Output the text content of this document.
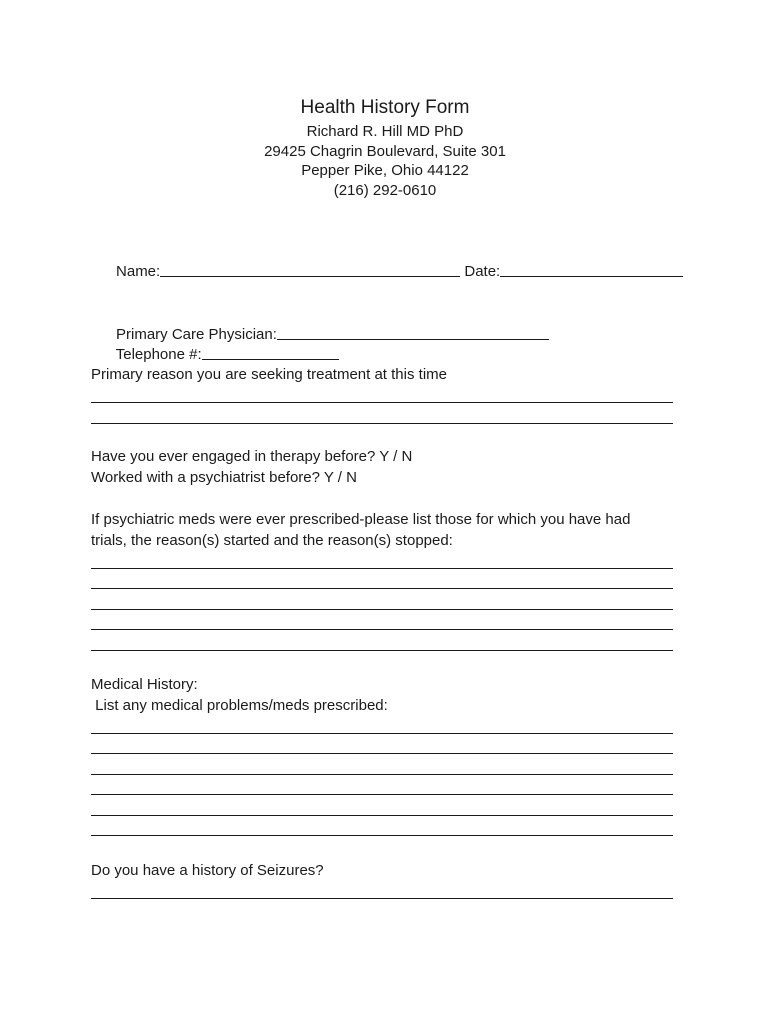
Health History Form
Richard R. Hill MD PhD
29425 Chagrin Boulevard, Suite 301
Pepper Pike, Ohio 44122
(216) 292-0610

Name:	Date:

Primary Care Physician:

Telephone #:

Primary reason you are seeking treatment at this time
Have you ever engaged in therapy before? Y / N
Worked with a psychiatrist before? Y / N
If psychiatric meds were ever prescribed-please list those for which you have had
trials, the reason(s) started and the reason(s) stopped:
Medical History:
List any medical problems/meds prescribed:
Do you have a history of Seizures?
